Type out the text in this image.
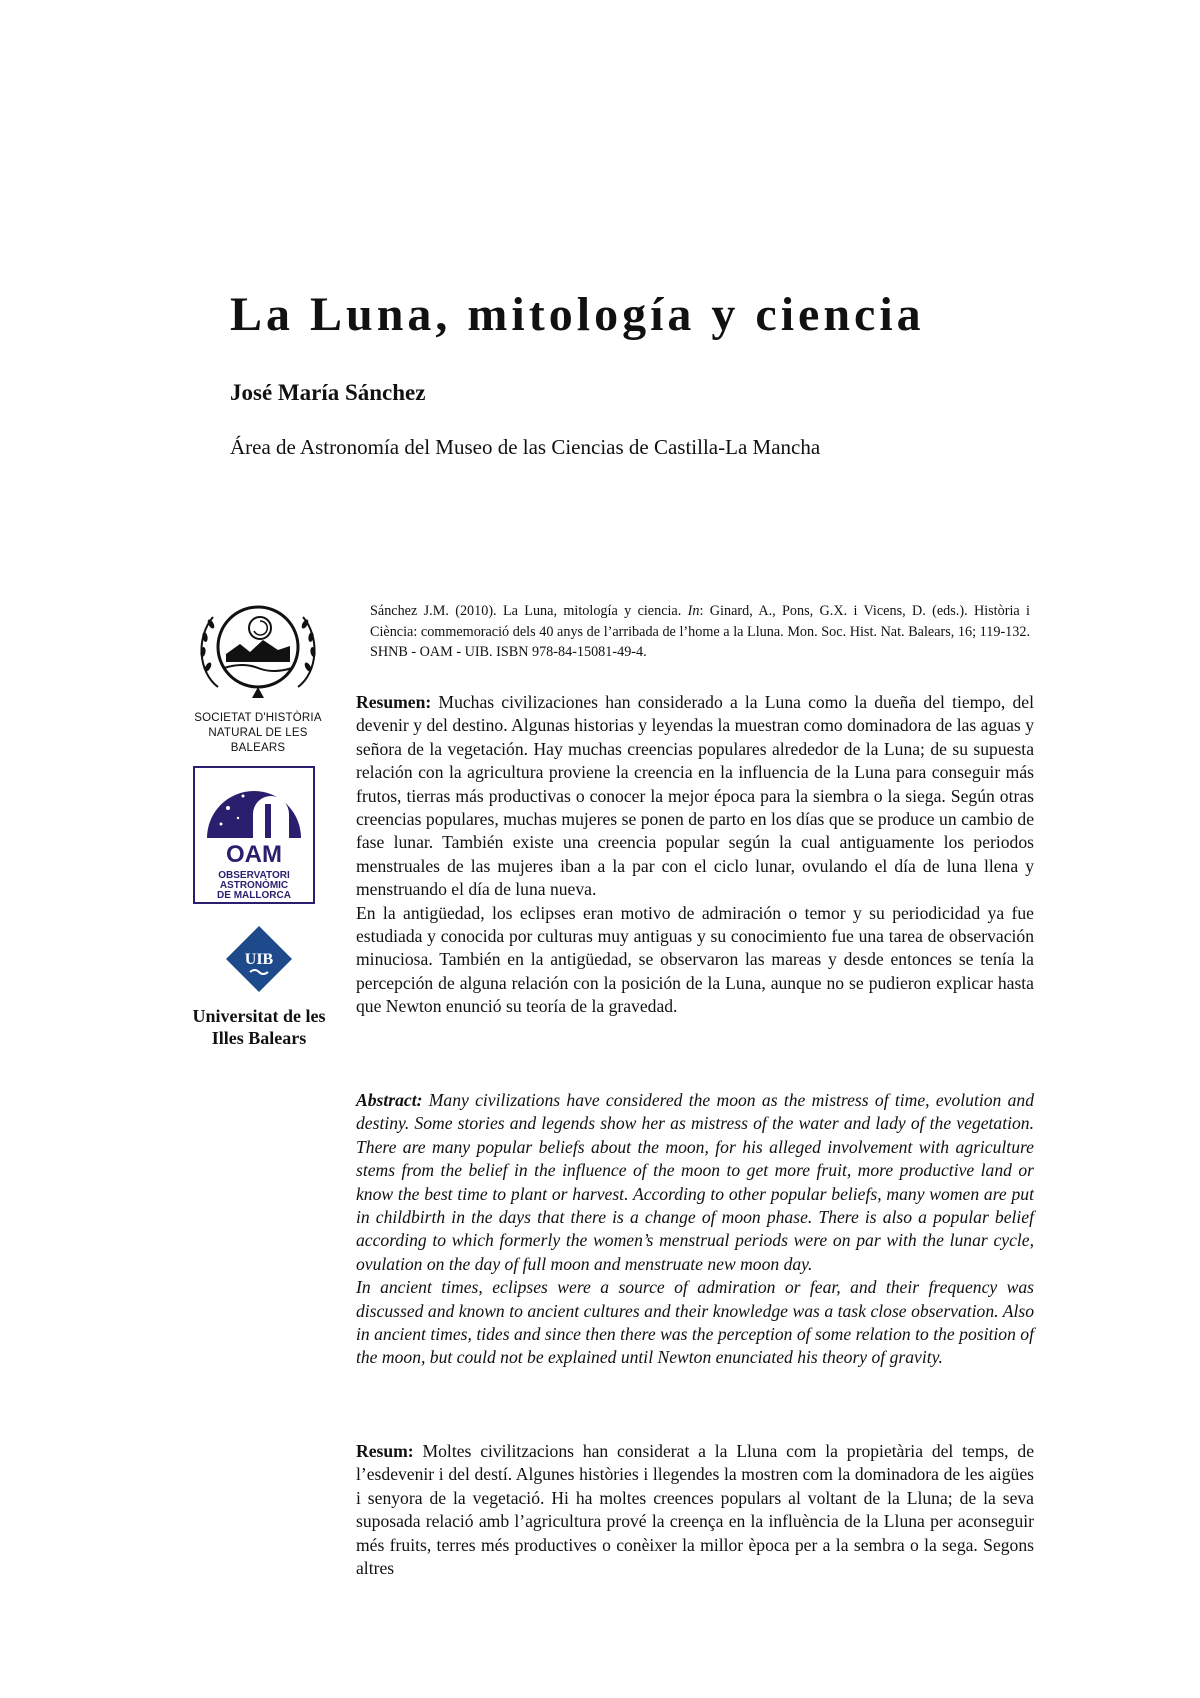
La Luna, mitología y ciencia
José María Sánchez
Área de Astronomía del Museo de las Ciencias de Castilla-La Mancha
SOCIETAT D'HISTÒRIA
NATURAL DE LES BALEARS
OAM
OBSERVATORI
ASTRONÒMIC
DE MALLORCA
UIB
Universitat de les
Illes Balears
Sánchez J.M. (2010). La Luna, mitología y ciencia. In: Ginard, A., Pons, G.X. i Vicens, D. (eds.). Història i Ciència: commemoració dels 40 anys de l’arribada de l’home a la Lluna. Mon. Soc. Hist. Nat. Balears, 16; 119-132. SHNB - OAM - UIB. ISBN 978-84-15081-49-4.

Resumen: Muchas civilizaciones han considerado a la Luna como la dueña del tiempo, del devenir y del destino. Algunas historias y leyendas la muestran como dominadora de las aguas y señora de la vegetación. Hay muchas creencias populares alrededor de la Luna; de su supuesta relación con la agricultura proviene la creencia en la influencia de la Luna para conseguir más frutos, tierras más productivas o conocer la mejor época para la siembra o la siega. Según otras creencias populares, muchas mujeres se ponen de parto en los días que se produce un cambio de fase lunar. También existe una creencia popular según la cual antiguamente los periodos menstruales de las mujeres iban a la par con el ciclo lunar, ovulando el día de luna llena y menstruando el día de luna nueva.

En la antigüedad, los eclipses eran motivo de admiración o temor y su periodicidad ya fue estudiada y conocida por culturas muy antiguas y su conocimiento fue una tarea de observación minuciosa. También en la antigüedad, se observaron las mareas y desde entonces se tenía la percepción de alguna relación con la posición de la Luna, aunque no se pudieron explicar hasta que Newton enunció su teoría de la gravedad.

Abstract: Many civilizations have considered the moon as the mistress of time, evolution and destiny. Some stories and legends show her as mistress of the water and lady of the vegetation. There are many popular beliefs about the moon, for his alleged involvement with agriculture stems from the belief in the influence of the moon to get more fruit, more productive land or know the best time to plant or harvest. According to other popular beliefs, many women are put in childbirth in the days that there is a change of moon phase. There is also a popular belief according to which formerly the women’s menstrual periods were on par with the lunar cycle, ovulation on the day of full moon and menstruate new moon day.

In ancient times, eclipses were a source of admiration or fear, and their frequency was discussed and known to ancient cultures and their knowledge was a task close observation. Also in ancient times, tides and since then there was the perception of some relation to the position of the moon, but could not be explained until Newton enunciated his theory of gravity.

Resum: Moltes civilitzacions han considerat a la Lluna com la propietària del temps, de l’esdevenir i del destí. Algunes històries i llegendes la mostren com la dominadora de les aigües i senyora de la vegetació. Hi ha moltes creences populars al voltant de la Lluna; de la seva suposada relació amb l’agricultura prové la creença en la influència de la Lluna per aconseguir més fruits, terres més productives o conèixer la millor època per a la sembra o la sega. Segons altres
